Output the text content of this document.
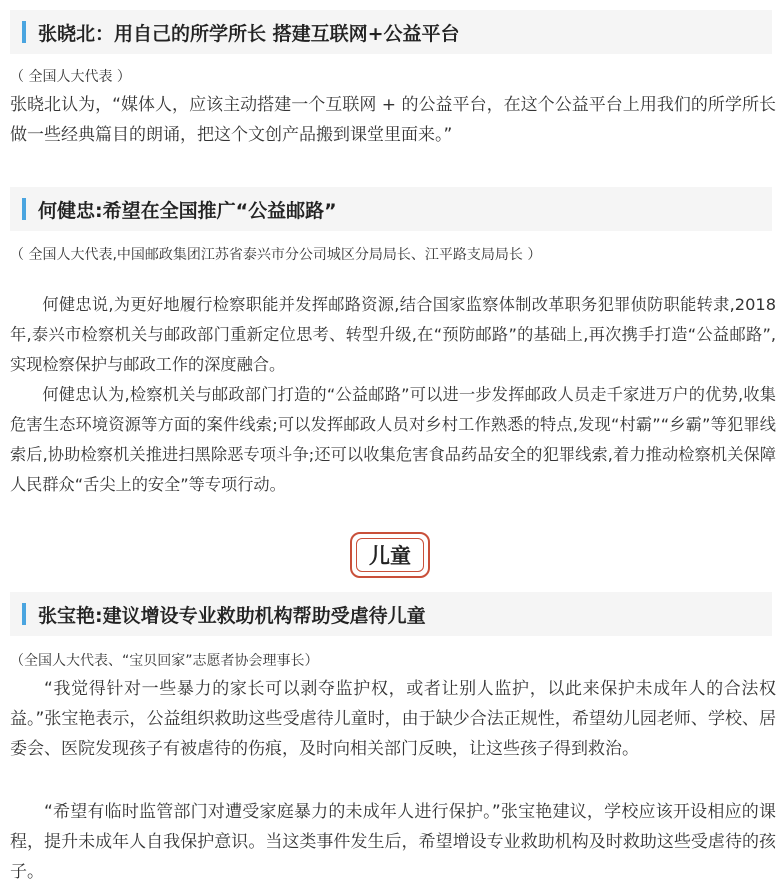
张晓北：用自己的所学所长 搭建互联网+公益平台
（ 全国人大代表 ）

张晓北认为，“媒体人，应该主动搭建一个互联网 + 的公益平台，在这个公益平台上用我们的所学所长做一些经典篇目的朗诵，把这个文创产品搬到课堂里面来。”

何健忠:希望在全国推广“公益邮路”
（ 全国人大代表,中国邮政集团江苏省泰兴市分公司城区分局局长、江平路支局局长 ）

何健忠说,为更好地履行检察职能并发挥邮路资源,结合国家监察体制改革职务犯罪侦防职能转隶,2018年,泰兴市检察机关与邮政部门重新定位思考、转型升级,在“预防邮路”的基础上,再次携手打造“公益邮路”,实现检察保护与邮政工作的深度融合。

何健忠认为,检察机关与邮政部门打造的“公益邮路”可以进一步发挥邮政人员走千家进万户的优势,收集危害生态环境资源等方面的案件线索;可以发挥邮政人员对乡村工作熟悉的特点,发现“村霸”“乡霸”等犯罪线索后,协助检察机关推进扫黑除恶专项斗争;还可以收集危害食品药品安全的犯罪线索,着力推动检察机关保障人民群众“舌尖上的安全”等专项行动。

儿童
张宝艳:建议增设专业救助机构帮助受虐待儿童
（全国人大代表、“宝贝回家”志愿者协会理事长）

“我觉得针对一些暴力的家长可以剥夺监护权，或者让别人监护，以此来保护未成年人的合法权益。”张宝艳表示，公益组织救助这些受虐待儿童时，由于缺少合法正规性，希望幼儿园老师、学校、居委会、医院发现孩子有被虐待的伤痕，及时向相关部门反映，让这些孩子得到救治。

“希望有临时监管部门对遭受家庭暴力的未成年人进行保护。”张宝艳建议，学校应该开设相应的课程，提升未成年人自我保护意识。当这类事件发生后，希望增设专业救助机构及时救助这些受虐待的孩子。
